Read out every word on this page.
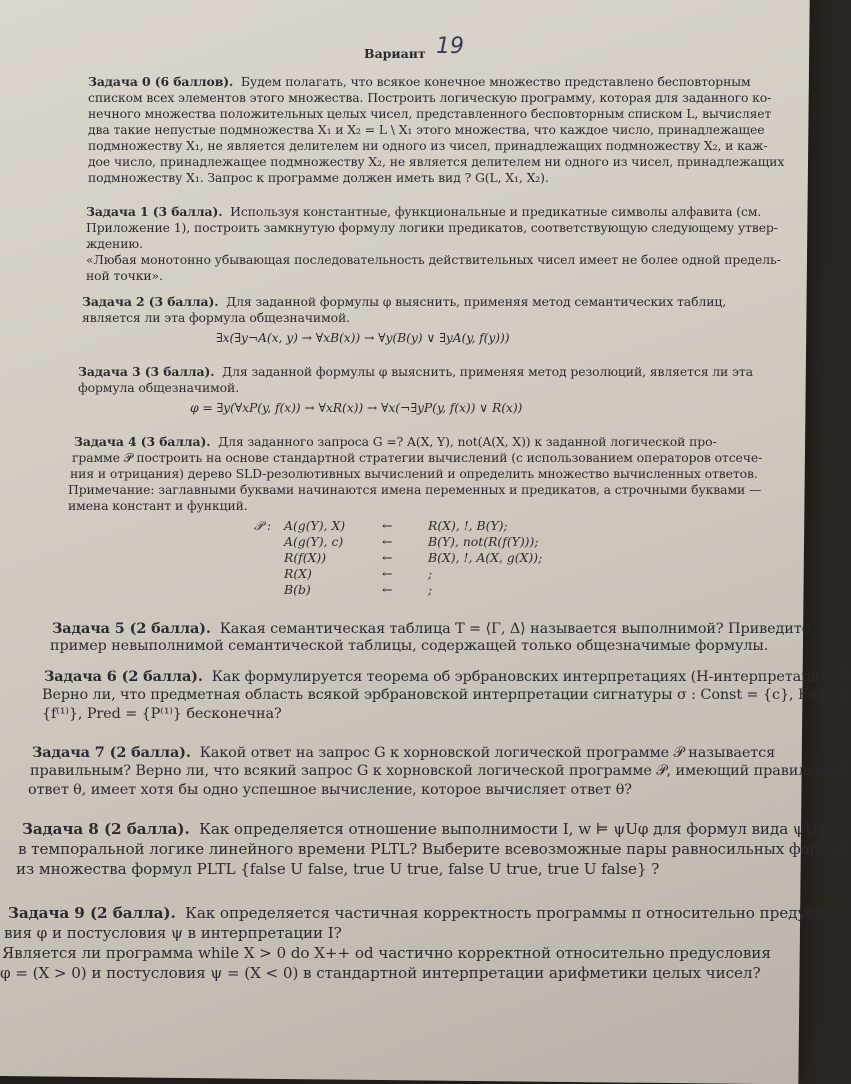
Вариант 19
Задача 0 (6 баллов). Будем полагать, что всякое конечное множество представлено бесповторным
списком всех элементов этого множества. Построить логическую программу, которая для заданного ко-
нечного множества положительных целых чисел, представленного бесповторным списком L, вычисляет
два такие непустые подмножества X₁ и X₂ = L \ X₁ этого множества, что каждое число, принадлежащее
подмножеству X₁, не является делителем ни одного из чисел, принадлежащих подмножеству X₂, и каж-
дое число, принадлежащее подмножеству X₂, не является делителем ни одного из чисел, принадлежащих
подмножеству X₁. Запрос к программе должен иметь вид ? G(L, X₁, X₂).
Задача 1 (3 балла). Используя константные, функциональные и предикатные символы алфавита (см.
Приложение 1), построить замкнутую формулу логики предикатов, соответствующую следующему утвер-
ждению.
«Любая монотонно убывающая последовательность действительных чисел имеет не более одной предель-
ной точки».
Задача 2 (3 балла). Для заданной формулы φ выяснить, применяя метод семантических таблиц,
является ли эта формула общезначимой.
∃x(∃y¬A(x, y) → ∀xB(x)) → ∀y(B(y) ∨ ∃yA(y, f(y)))
Задача 3 (3 балла). Для заданной формулы φ выяснить, применяя метод резолюций, является ли эта
формула общезначимой.
φ = ∃y(∀xP(y, f(x)) → ∀xR(x)) → ∀x(¬∃yP(y, f(x)) ∨ R(x))
Задача 4 (3 балла). Для заданного запроса G =? A(X, Y), not(A(X, X)) к заданной логической про-
грамме 𝒫 построить на основе стандартной стратегии вычислений (с использованием операторов отсече-
ния и отрицания) дерево SLD-резолютивных вычислений и определить множество вычисленных ответов.
Примечание: заглавными буквами начинаются имена переменных и предикатов, а строчными буквами —
имена констант и функций.
𝒫 : A(g(Y), X)	←	R(X), !, B(Y);
A(g(Y), c)	←	B(Y), not(R(f(Y)));
R(f(X))	←	B(X), !, A(X, g(X));
R(X)	←	;
B(b)	←	;
Задача 5 (2 балла). Какая семантическая таблица T = ⟨Γ, Δ⟩ называется выполнимой? Приведите
пример невыполнимой семантической таблицы, содержащей только общезначимые формулы.
Задача 6 (2 балла). Как формулируется теорема об эрбрановских интерпретациях (H-интерпретациях)?
Верно ли, что предметная область всякой эрбрановской интерпретации сигнатуры σ : Const = {c}, Func =
{f⁽¹⁾}, Pred = {P⁽¹⁾} бесконечна?
Задача 7 (2 балла). Какой ответ на запрос G к хорновской логической программе 𝒫 называется
правильным? Верно ли, что всякий запрос G к хорновской логической программе 𝒫, имеющий правильный
ответ θ, имеет хотя бы одно успешное вычисление, которое вычисляет ответ θ?
Задача 8 (2 балла). Как определяется отношение выполнимости I, w ⊨ ψUφ для формул вида ψUφ
в темпоральной логике линейного времени PLTL? Выберите всевозможные пары равносильных формул
из множества формул PLTL {false U false, true U true, false U true, true U false} ?
Задача 9 (2 балла). Как определяется частичная корректность программы π относительно предусло-
вия φ и постусловия ψ в интерпретации I?
Является ли программа while X > 0 do X++ od частично корректной относительно предусловия
φ = (X > 0) и постусловия ψ = (X < 0) в стандартной интерпретации арифметики целых чисел?
